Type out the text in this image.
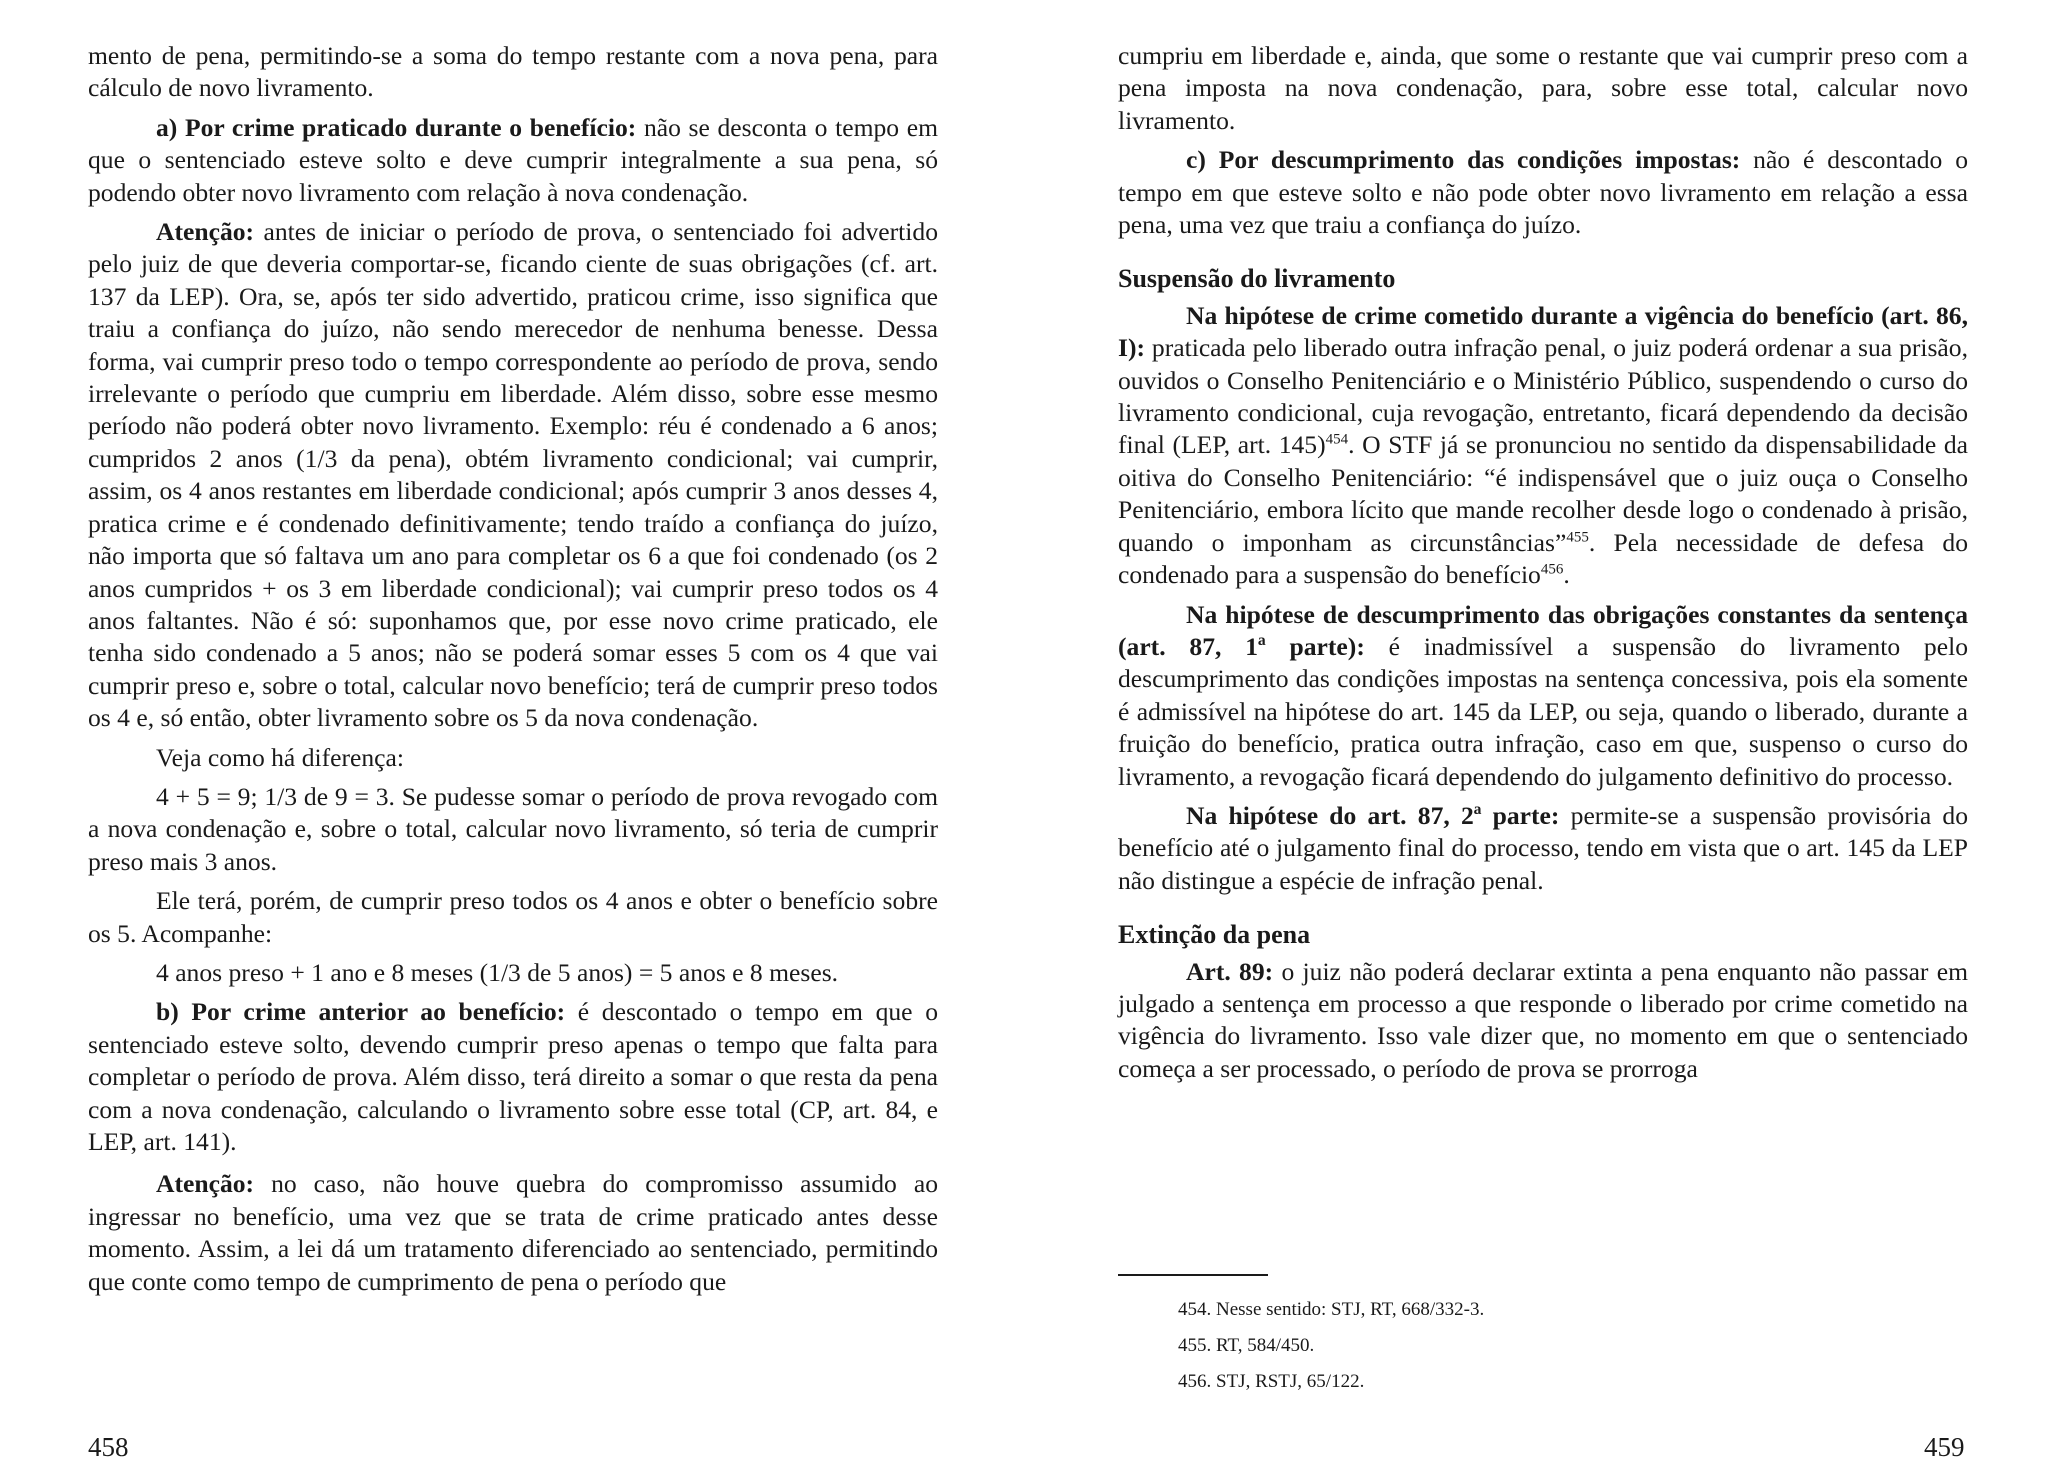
mento de pena, permitindo-se a soma do tempo restante com a nova pena, para cálculo de novo livramento.

a) Por crime praticado durante o benefício: não se desconta o tempo em que o sentenciado esteve solto e deve cumprir integralmente a sua pena, só podendo obter novo livramento com relação à nova condenação.

Atenção: antes de iniciar o período de prova, o sentenciado foi advertido pelo juiz de que deveria comportar-se, ficando ciente de suas obrigações (cf. art. 137 da LEP). Ora, se, após ter sido advertido, praticou crime, isso significa que traiu a confiança do juízo, não sendo merecedor de nenhuma benesse. Dessa forma, vai cumprir preso todo o tempo correspondente ao período de prova, sendo irrelevante o período que cumpriu em liberdade. Além disso, sobre esse mesmo período não poderá obter novo livramento. Exemplo: réu é condenado a 6 anos; cumpridos 2 anos (1/3 da pena), obtém livramento condicional; vai cumprir, assim, os 4 anos restantes em liberdade condicional; após cumprir 3 anos desses 4, pratica crime e é condenado definitivamente; tendo traído a confiança do juízo, não importa que só faltava um ano para completar os 6 a que foi condenado (os 2 anos cumpridos + os 3 em liberdade condicional); vai cumprir preso todos os 4 anos faltantes. Não é só: suponhamos que, por esse novo crime praticado, ele tenha sido condenado a 5 anos; não se poderá somar esses 5 com os 4 que vai cumprir preso e, sobre o total, calcular novo benefício; terá de cumprir preso todos os 4 e, só então, obter livramento sobre os 5 da nova condenação.

Veja como há diferença:

4 + 5 = 9; 1/3 de 9 = 3. Se pudesse somar o período de prova revogado com a nova condenação e, sobre o total, calcular novo livramento, só teria de cumprir preso mais 3 anos.

Ele terá, porém, de cumprir preso todos os 4 anos e obter o benefício sobre os 5. Acompanhe:

4 anos preso + 1 ano e 8 meses (1/3 de 5 anos) = 5 anos e 8 meses.

b) Por crime anterior ao benefício: é descontado o tempo em que o sentenciado esteve solto, devendo cumprir preso apenas o tempo que falta para completar o período de prova. Além disso, terá direito a somar o que resta da pena com a nova condenação, calculando o livramento sobre esse total (CP, art. 84, e LEP, art. 141).

Atenção: no caso, não houve quebra do compromisso assumido ao ingressar no benefício, uma vez que se trata de crime praticado antes desse momento. Assim, a lei dá um tratamento diferenciado ao sentenciado, permitindo que conte como tempo de cumprimento de pena o período que

cumpriu em liberdade e, ainda, que some o restante que vai cumprir preso com a pena imposta na nova condenação, para, sobre esse total, calcular novo livramento.

c) Por descumprimento das condições impostas: não é descontado o tempo em que esteve solto e não pode obter novo livramento em relação a essa pena, uma vez que traiu a confiança do juízo.

Suspensão do livramento

Na hipótese de crime cometido durante a vigência do benefício (art. 86, I): praticada pelo liberado outra infração penal, o juiz poderá ordenar a sua prisão, ouvidos o Conselho Penitenciário e o Ministério Público, suspendendo o curso do livramento condicional, cuja revogação, entretanto, ficará dependendo da decisão final (LEP, art. 145)$^{454}$. O STF já se pronunciou no sentido da dispensabilidade da oitiva do Conselho Penitenciário: “é indispensável que o juiz ouça o Conselho Penitenciário, embora lícito que mande recolher desde logo o condenado à prisão, quando o imponham as circunstâncias”$^{455}$. Pela necessidade de defesa do condenado para a suspensão do benefício$^{456}$.

Na hipótese de descumprimento das obrigações constantes da sentença (art. 87, 1ª parte): é inadmissível a suspensão do livramento pelo descumprimento das condições impostas na sentença concessiva, pois ela somente é admissível na hipótese do art. 145 da LEP, ou seja, quando o liberado, durante a fruição do benefício, pratica outra infração, caso em que, suspenso o curso do livramento, a revogação ficará dependendo do julgamento definitivo do processo.

Na hipótese do art. 87, 2ª parte: permite-se a suspensão provisória do benefício até o julgamento final do processo, tendo em vista que o art. 145 da LEP não distingue a espécie de infração penal.

Extinção da pena

Art. 89: o juiz não poderá declarar extinta a pena enquanto não passar em julgado a sentença em processo a que responde o liberado por crime cometido na vigência do livramento. Isso vale dizer que, no momento em que o sentenciado começa a ser processado, o período de prova se prorroga

454. Nesse sentido: STJ, RT, 668/332-3.

455. RT, 584/450.

456. STJ, RSTJ, 65/122.

458	459
